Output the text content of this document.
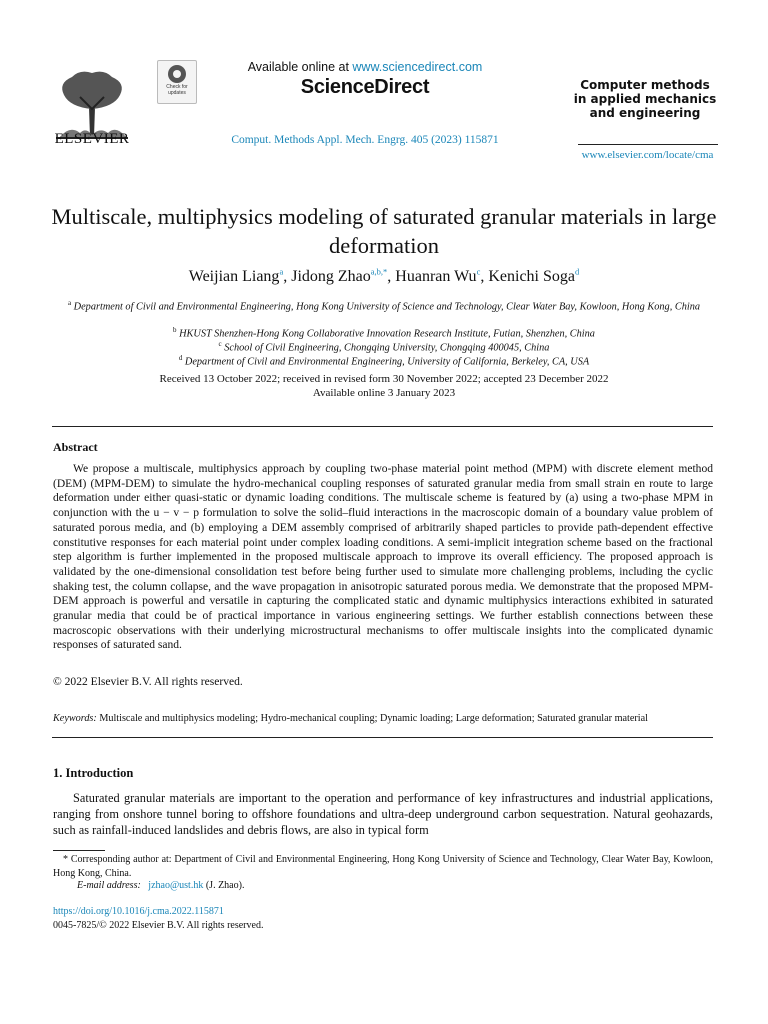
ELSEVIER
Check for updates
Available online at www.sciencedirect.com
ScienceDirect
Comput. Methods Appl. Mech. Engrg. 405 (2023) 115871
Computer methods in applied mechanics and engineering
www.elsevier.com/locate/cma
Multiscale, multiphysics modeling of saturated granular materials in large deformation
Weijian Liang$^a$, Jidong Zhao$^{a,b,*}$, Huanran Wu$^c$, Kenichi Soga$^d$
$^a$ Department of Civil and Environmental Engineering, Hong Kong University of Science and Technology, Clear Water Bay, Kowloon, Hong Kong, China
$^b$ HKUST Shenzhen-Hong Kong Collaborative Innovation Research Institute, Futian, Shenzhen, China
$^c$ School of Civil Engineering, Chongqing University, Chongqing 400045, China
$^d$ Department of Civil and Environmental Engineering, University of California, Berkeley, CA, USA
Received 13 October 2022; received in revised form 30 November 2022; accepted 23 December 2022
Available online 3 January 2023
Abstract
We propose a multiscale, multiphysics approach by coupling two-phase material point method (MPM) with discrete element method (DEM) (MPM-DEM) to simulate the hydro-mechanical coupling responses of saturated granular media from small strain en route to large deformation under either quasi-static or dynamic loading conditions. The multiscale scheme is featured by (a) using a two-phase MPM in conjunction with the u − v − p formulation to solve the solid–fluid interactions in the macroscopic domain of a boundary value problem of saturated porous media, and (b) employing a DEM assembly comprised of arbitrarily shaped particles to provide path-dependent effective constitutive responses for each material point under complex loading conditions. A semi-implicit integration scheme based on the fractional step algorithm is further implemented in the proposed multiscale approach to improve its overall efficiency. The proposed approach is validated by the one-dimensional consolidation test before being further used to simulate more challenging problems, including the cyclic shaking test, the column collapse, and the wave propagation in anisotropic saturated porous media. We demonstrate that the proposed MPM-DEM approach is powerful and versatile in capturing the complicated static and dynamic multiphysics interactions exhibited in saturated granular media that could be of practical importance in various engineering settings. We further establish connections between these macroscopic observations with their underlying microstructural mechanisms to offer multiscale insights into the complicated dynamic responses of saturated sand.
© 2022 Elsevier B.V. All rights reserved.
Keywords: Multiscale and multiphysics modeling; Hydro-mechanical coupling; Dynamic loading; Large deformation; Saturated granular material
1. Introduction
Saturated granular materials are important to the operation and performance of key infrastructures and industrial applications, ranging from onshore tunnel boring to offshore foundations and ultra-deep underground carbon sequestration. Natural geohazards, such as rainfall-induced landslides and debris flows, are also in typical form
* Corresponding author at: Department of Civil and Environmental Engineering, Hong Kong University of Science and Technology, Clear Water Bay, Kowloon, Hong Kong, China.
E-mail address: jzhao@ust.hk (J. Zhao).
https://doi.org/10.1016/j.cma.2022.115871
0045-7825/© 2022 Elsevier B.V. All rights reserved.
